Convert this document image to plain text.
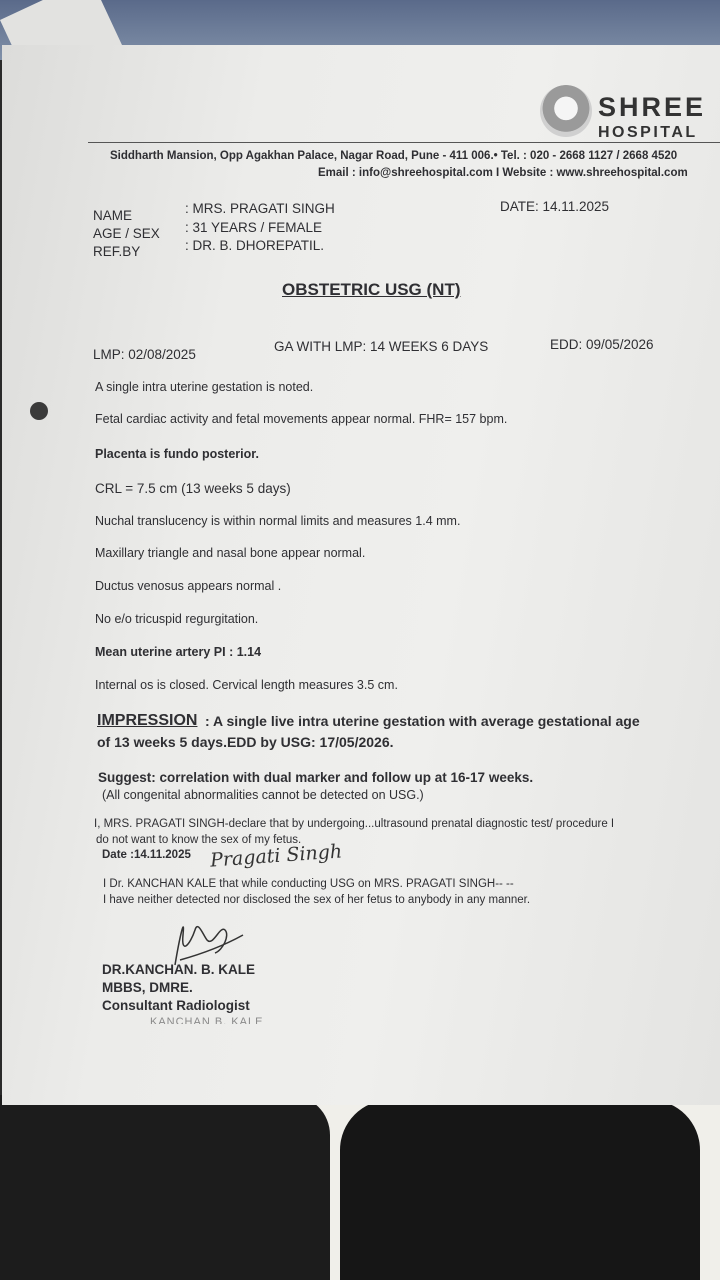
SHREE
HOSPITAL
Siddharth Mansion, Opp Agakhan Palace, Nagar Road, Pune - 411 006.• Tel. : 020 - 2668 1127 / 2668 4520
Email : info@shreehospital.com I Website : www.shreehospital.com
NAME	: MRS. PRAGATI SINGH
AGE / SEX : 31 YEARS / FEMALE
REF.BY	: DR. B. DHOREPATIL.
DATE: 14.11.2025
OBSTETRIC USG (NT)
LMP: 02/08/2025
GA WITH LMP: 14 WEEKS 6 DAYS	EDD: 09/05/2026
A single intra uterine gestation is noted.
Fetal cardiac activity and fetal movements appear normal. FHR= 157 bpm.
Placenta is fundo posterior.
CRL = 7.5 cm (13 weeks 5 days)
Nuchal translucency is within normal limits and measures 1.4 mm.
Maxillary triangle and nasal bone appear normal.
Ductus venosus appears normal .
No e/o tricuspid regurgitation.
Mean uterine artery PI : 1.14
Internal os is closed. Cervical length measures 3.5 cm.
IMPRESSION : A single live intra uterine gestation with average gestational age
of 13 weeks 5 days.EDD by USG: 17/05/2026.
Suggest: correlation with dual marker and follow up at 16-17 weeks.
(All congenital abnormalities cannot be detected on USG.)
I, MRS. PRAGATI SINGH-declare that by undergoing...ultrasound prenatal diagnostic test/ procedure I
do not want to know the sex of my fetus.
Date :14.11.2025 Pragati Singh
I Dr. KANCHAN KALE that while conducting USG on MRS. PRAGATI SINGH-- --
I have neither detected nor disclosed the sex of her fetus to anybody in any manner.
DR.KANCHAN. B. KALE
MBBS, DMRE.
Consultant Radiologist
KANCHAN B. KALE
